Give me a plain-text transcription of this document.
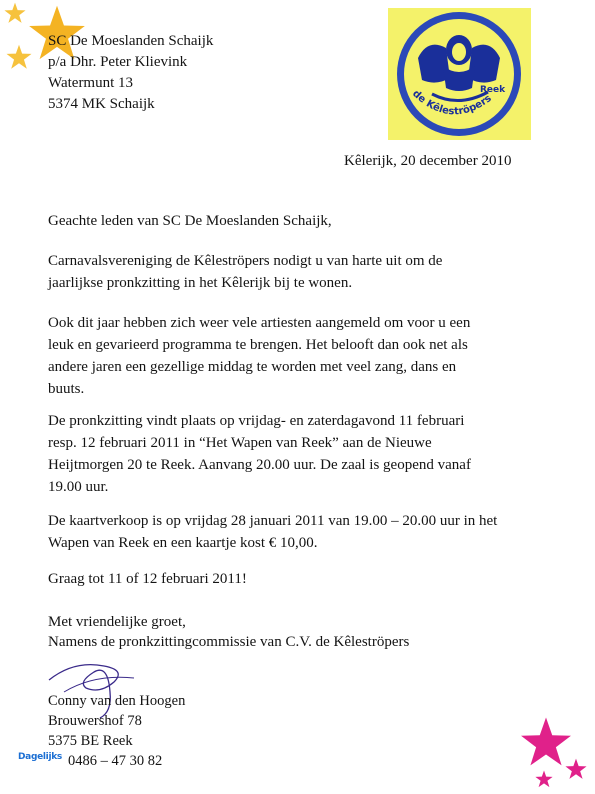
SC De Moeslanden Schaijk
p/a Dhr. Peter Klievink
Watermunt 13
5374 MK Schaijk
Reek
de Kêleströpers
Kêlerijk, 20 december 2010
Geachte leden van SC De Moeslanden Schaijk,
Carnavalsvereniging de Kêleströpers nodigt u van harte uit om de
jaarlijkse pronkzitting in het Kêlerijk bij te wonen.
Ook dit jaar hebben zich weer vele artiesten aangemeld om voor u een
leuk en gevarieerd programma te brengen. Het belooft dan ook net als
andere jaren een gezellige middag te worden met veel zang, dans en
buuts.
De pronkzitting vindt plaats op vrijdag- en zaterdagavond 11 februari
resp. 12 februari 2011 in “Het Wapen van Reek” aan de Nieuwe
Heijtmorgen 20 te Reek. Aanvang 20.00 uur. De zaal is geopend vanaf
19.00 uur.
De kaartverkoop is op vrijdag 28 januari 2011 van 19.00 – 20.00 uur in het
Wapen van Reek en een kaartje kost € 10,00.
Graag tot 11 of 12 februari 2011!
Met vriendelijke groet,
Namens de pronkzittingcommissie van C.V. de Kêleströpers
Conny van den Hoogen
Brouwershof 78
5375 BE Reek
0486 – 47 30 82
Dagelijks
